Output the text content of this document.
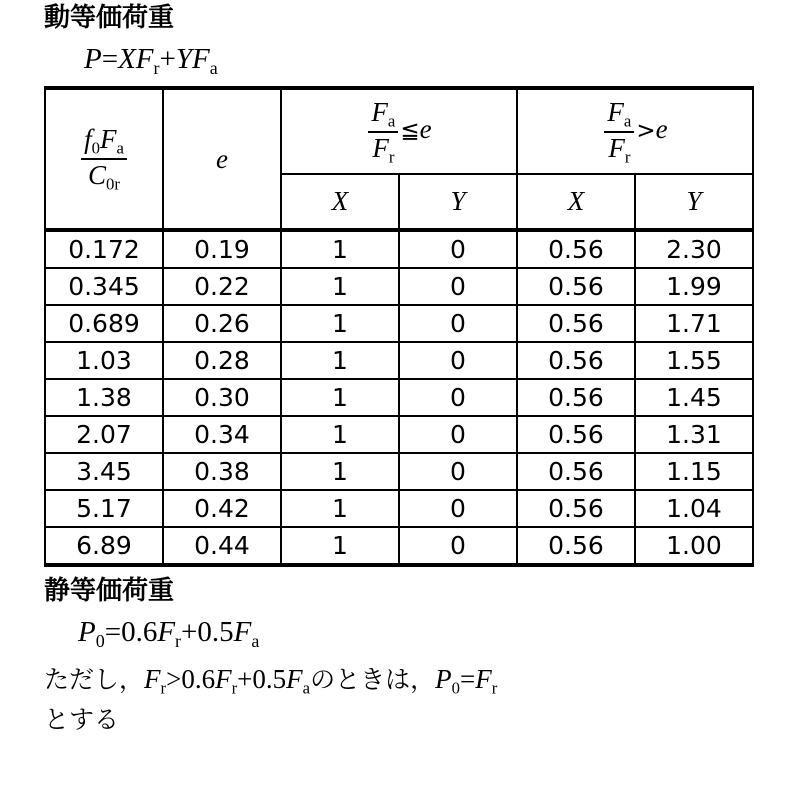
動等価荷重
$P=XF_r+YF_a$
$\frac{f_0F_a}{C_{0r}}$	e	$\frac{F_a}{F_r}$ ≦e		$\frac{F_a}{F_r} >e$	
		X	Y	X	Y
0.172	0.19	1	0	0.56	2.30
0.345	0.22	1	0	0.56	1.99
0.689	0.26	1	0	0.56	1.71
1.03	0.28	1	0	0.56	1.55
1.38	0.30	1	0	0.56	1.45
2.07	0.34	1	0	0.56	1.31
3.45	0.38	1	0	0.56	1.15
5.17	0.42	1	0	0.56	1.04
6.89	0.44	1	0	0.56	1.00
静等価荷重
$P_0=0.6F_r+0.5F_a$
ただし，$F_r>0.6F_r+0.5F_a$のときは，$P_0=F_r$
とする
